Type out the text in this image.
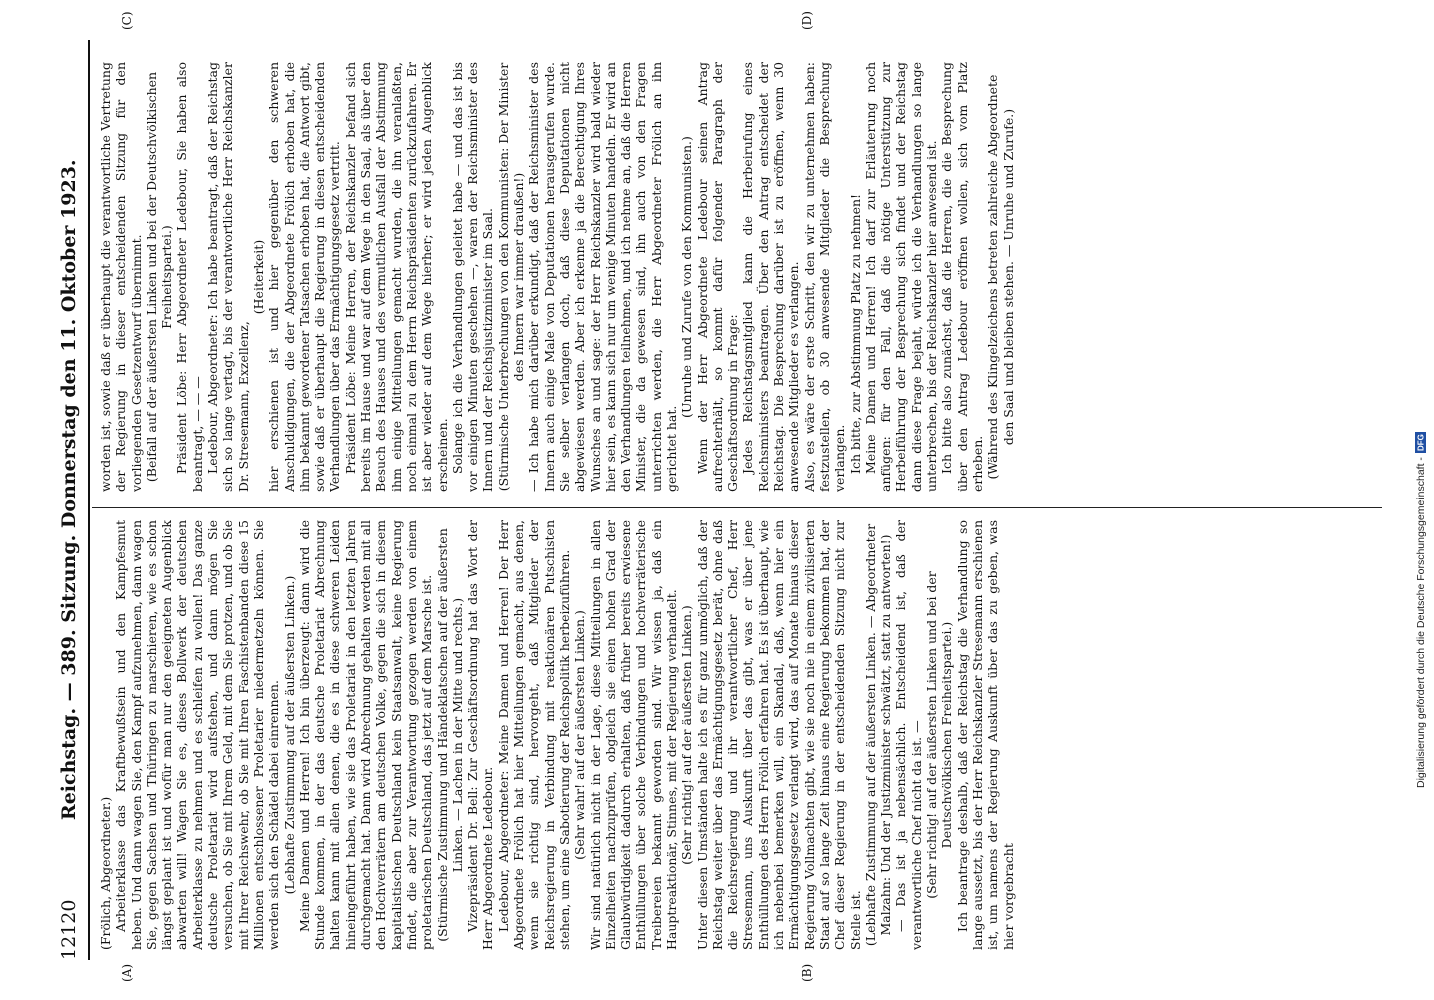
12120
Reichstag. — 389. Sitzung. Donnerstag den 11. Oktober 1923.

(Frölich, Abgeordneter.) Arbeiterklasse das Kraftbewußtsein und den Kampfesmut heben. Und dann wagen Sie, den Kampf aufzunehmen, dann wagen Sie, gegen Sachsen und Thüringen zu marschieren, wie es schon längst geplant ist und wofür man nur den geeigneten Augenblick abwarten will! Wagen Sie es, dieses Bollwerk der deutschen Arbeiterklasse zu nehmen und es schleifen zu wollen! Das ganze deutsche Proletariat wird aufstehen, und dann mögen Sie versuchen, ob Sie mit Ihrem Geld, mit dem Sie protzen, und ob Sie mit Ihrer Reichswehr, ob Sie mit Ihren Faschistenbanden diese 15 Millionen entschlossener Proletarier niedermetzeln können. Sie werden sich den Schädel dabei einrennen. (Lebhafte Zustimmung auf der äußersten Linken.) Meine Damen und Herren! Ich bin überzeugt: dann wird die Stunde kommen, in der das deutsche Proletariat Abrechnung halten kann mit allen denen, die es in diese schweren Leiden hineingeführt haben, wie sie das Proletariat in den letzten Jahren durchgemacht hat. Dann wird Abrechnung gehalten werden mit all den Hochverrätern am deutschen Volke, gegen die sich in diesem kapitalistischen Deutschland kein Staatsanwalt, keine Regierung findet, die aber zur Verantwortung gezogen werden von einem proletarischen Deutschland, das jetzt auf dem Marsche ist. (Stürmische Zustimmung und Händeklatschen auf der äußersten Linken. — Lachen in der Mitte und rechts.) Vizepräsident Dr. Bell: Zur Geschäftsordnung hat das Wort der Herr Abgeordnete Ledebour. Ledebour, Abgeordneter: Meine Damen und Herren! Der Herr Abgeordnete Frölich hat hier Mitteilungen gemacht, aus denen, wenn sie richtig sind, hervorgeht, daß Mitglieder der Reichsregierung in Verbindung mit reaktionären Putschisten stehen, um eine Sabotierung der Reichspolitik herbeizuführen. (Sehr wahr! auf der äußersten Linken.) Wir sind natürlich nicht in der Lage, diese Mitteilungen in allen Einzelheiten nachzuprüfen, obgleich sie einen hohen Grad der Glaubwürdigkeit dadurch erhalten, daß früher bereits erwiesene Enthüllungen über solche Verbindungen und hochverräterische Treibereien bekannt geworden sind. Wir wissen ja, daß ein Hauptreaktionär, Stinnes, mit der Regierung verhandelt. (Sehr richtig! auf der äußersten Linken.) Unter diesen Umständen halte ich es für ganz unmöglich, daß der Reichstag weiter über das Ermächtigungsgesetz berät, ohne daß die Reichsregierung und ihr verantwortlicher Chef, Herr Stresemann, uns Auskunft über das gibt, was er über jene Enthüllungen des Herrn Frölich erfahren hat. Es ist überhaupt, wie ich nebenbei bemerken will, ein Skandal, daß, wenn hier ein Ermächtigungsgesetz verlangt wird, das auf Monate hinaus dieser Regierung Vollmachten gibt, wie sie noch nie in einem zivilisierten Staat auf so lange Zeit hinaus eine Regierung bekommen hat, der Chef dieser Regierung in der entscheidenden Sitzung nicht zur Stelle ist. (Lebhafte Zustimmung auf der äußersten Linken. — Abgeordneter Malzahn: Und der Justizminister schwätzt, statt zu antworten!) — Das ist ja nebensächlich. Entscheidend ist, daß der verantwortliche Chef nicht da ist. — (Sehr richtig! auf der äußersten Linken und bei der Deutschvölkischen Freiheitspartei.) Ich beantrage deshalb, daß der Reichstag die Verhandlung so lange aussetzt, bis der Herr Reichskanzler Stresemann erschienen ist, um namens der Regierung Auskunft über das zu geben, was hier vorgebracht

worden ist, sowie daß er überhaupt die verantwortliche Vertretung der Regierung in dieser entscheidenden Sitzung für den vorliegenden Gesetzentwurf übernimmt. (Beifall auf der äußersten Linken und bei der Deutschvölkischen Freiheitspartei.) Präsident Löbe: Herr Abgeordneter Ledebour, Sie haben also beantragt, — — — Ledebour, Abgeordneter: Ich habe beantragt, daß der Reichstag sich so lange vertagt, bis der verantwortliche Herr Reichskanzler Dr. Stresemann, Exzellenz,

(Heiterkeit) hier erschienen ist und hier gegenüber den schweren Anschuldigungen, die der Abgeordnete Frölich erhoben hat, die ihm bekannt gewordener Tatsachen erhoben hat, die Antwort gibt, sowie daß er überhaupt die Regierung in diesen entscheidenden Verhandlungen über das Ermächtigungsgesetz vertritt. Präsident Löbe: Meine Herren, der Reichskanzler befand sich bereits im Hause und war auf dem Wege in den Saal, als über den Besuch des Hauses und des vermutlichen Ausfall der Abstimmung ihm einige Mitteilungen gemacht wurden, die ihn veranlaßten, noch einmal zu dem Herrn Reichspräsidenten zurückzufahren. Er ist aber wieder auf dem Wege hierher; er wird jeden Augenblick erscheinen. Solange ich die Verhandlungen geleitet habe — und das ist bis vor einigen Minuten geschehen —, waren der Reichsminister des Innern und der Reichsjustizminister im Saal. (Stürmische Unterbrechungen von den Kommunisten: Der Minister des Innern war immer draußen!) — Ich habe mich darüber erkundigt, daß der Reichsminister des Innern auch einige Male von Deputationen herausgerufen wurde. Sie selber verlangen doch, daß diese Deputationen nicht abgewiesen werden. Aber ich erkenne ja die Berechtigung Ihres Wunsches an und sage: der Herr Reichskanzler wird bald wieder hier sein, es kann sich nur um wenige Minuten handeln. Er wird an den Verhandlungen teilnehmen, und ich nehme an, daß die Herren Minister, die da gewesen sind, ihn auch von den Fragen unterrichten werden, die Herr Abgeordneter Frölich an ihn gerichtet hat.

(Unruhe und Zurufe von den Kommunisten.) Wenn der Herr Abgeordnete Ledebour seinen Antrag aufrechterhält, so kommt dafür folgender Paragraph der Geschäftsordnung in Frage: Jedes Reichstagsmitglied kann die Herbeirufung eines Reichsministers beantragen. Über den Antrag entscheidet der Reichstag. Die Besprechung darüber ist zu eröffnen, wenn 30 anwesende Mitglieder es verlangen. Also, es wäre der erste Schritt, den wir zu unternehmen haben: festzustellen, ob 30 anwesende Mitglieder die Besprechung verlangen. Ich bitte, zur Abstimmung Platz zu nehmen! Meine Damen und Herren! Ich darf zur Erläuterung noch anfügen: für den Fall, daß die nötige Unterstützung zur Herbeiführung der Besprechung sich findet und der Reichstag dann diese Frage bejaht, würde ich die Verhandlungen so lange unterbrechen, bis der Reichskanzler hier anwesend ist. Ich bitte also zunächst, daß die Herren, die die Besprechung über den Antrag Ledebour eröffnen wollen, sich vom Platz erheben. (Während des Klingelzeichens betreten zahlreiche Abgeordnete den Saal und bleiben stehen. — Unruhe und Zurufe.)

(A)	(B)
(C)	(D)
Digitalisierung gefördert durch die Deutsche Forschungsgemeinschaft -
DFG
